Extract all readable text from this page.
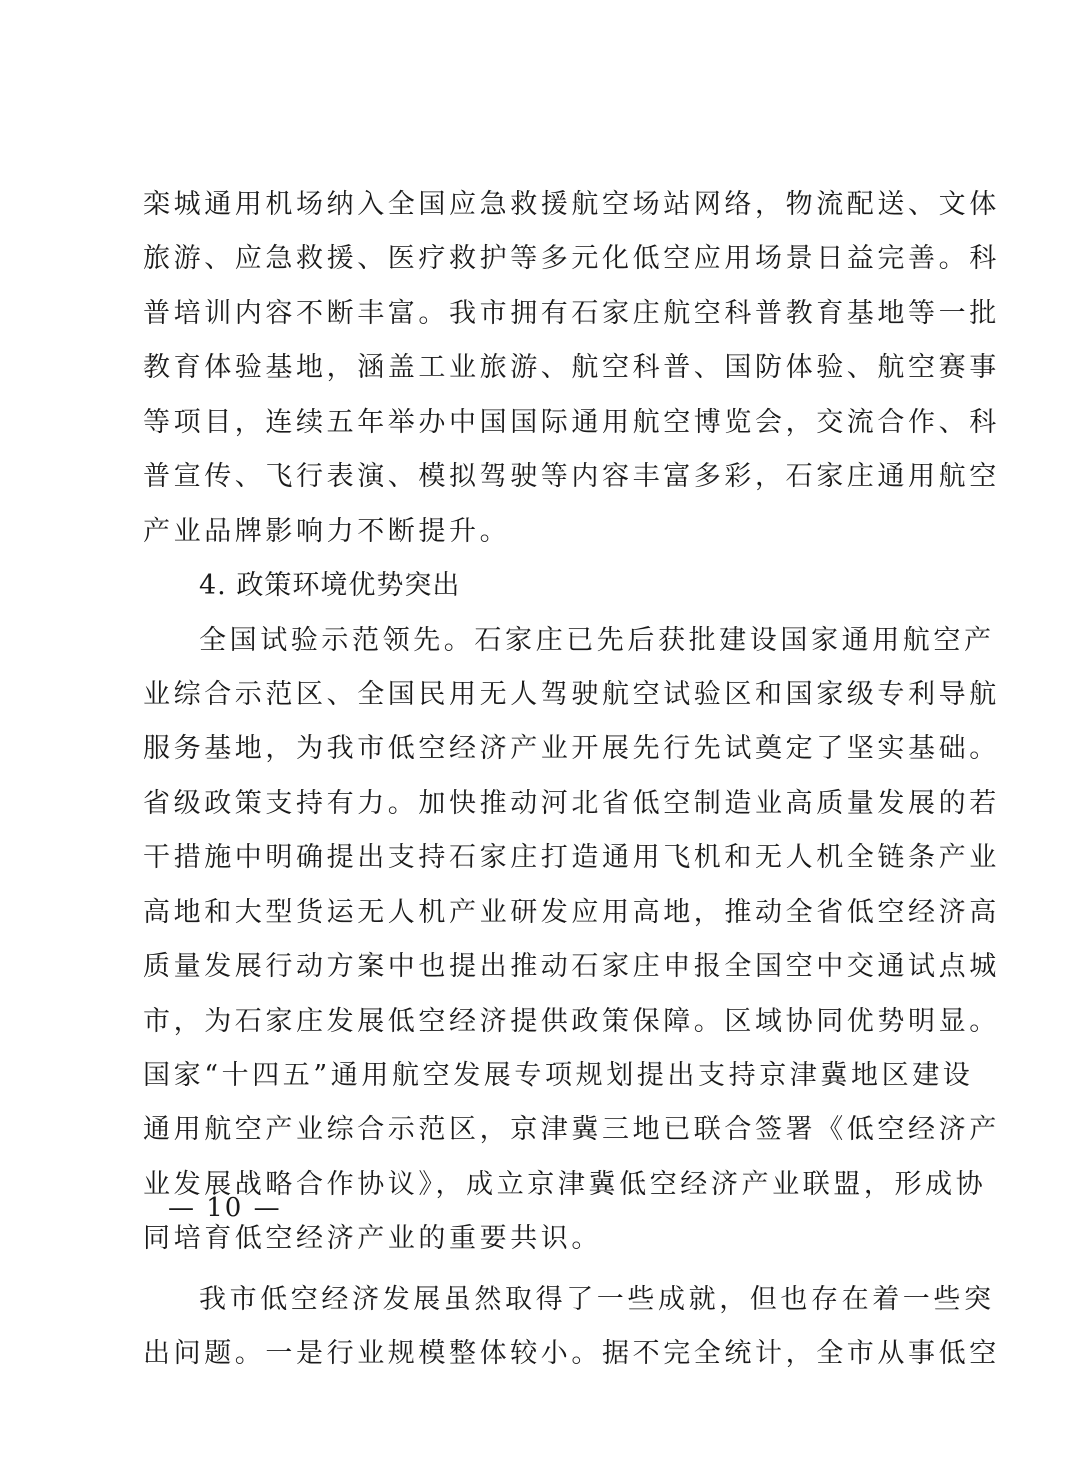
栾城通用机场纳入全国应急救援航空场站网络，物流配送、文体
旅游、应急救援、医疗救护等多元化低空应用场景日益完善。科
普培训内容不断丰富。我市拥有石家庄航空科普教育基地等一批
教育体验基地，涵盖工业旅游、航空科普、国防体验、航空赛事
等项目，连续五年举办中国国际通用航空博览会，交流合作、科
普宣传、飞行表演、模拟驾驶等内容丰富多彩，石家庄通用航空
产业品牌影响力不断提升。
4. 政策环境优势突出
全国试验示范领先。石家庄已先后获批建设国家通用航空产
业综合示范区、全国民用无人驾驶航空试验区和国家级专利导航
服务基地，为我市低空经济产业开展先行先试奠定了坚实基础。
省级政策支持有力。加快推动河北省低空制造业高质量发展的若
干措施中明确提出支持石家庄打造通用飞机和无人机全链条产业
高地和大型货运无人机产业研发应用高地，推动全省低空经济高
质量发展行动方案中也提出推动石家庄申报全国空中交通试点城
市，为石家庄发展低空经济提供政策保障。区域协同优势明显。
国家“十四五”通用航空发展专项规划提出支持京津冀地区建设
通用航空产业综合示范区，京津冀三地已联合签署《低空经济产
业发展战略合作协议》，成立京津冀低空经济产业联盟，形成协
同培育低空经济产业的重要共识。
我市低空经济发展虽然取得了一些成就，但也存在着一些突
出问题。一是行业规模整体较小。据不完全统计，全市从事低空
— 10 —
